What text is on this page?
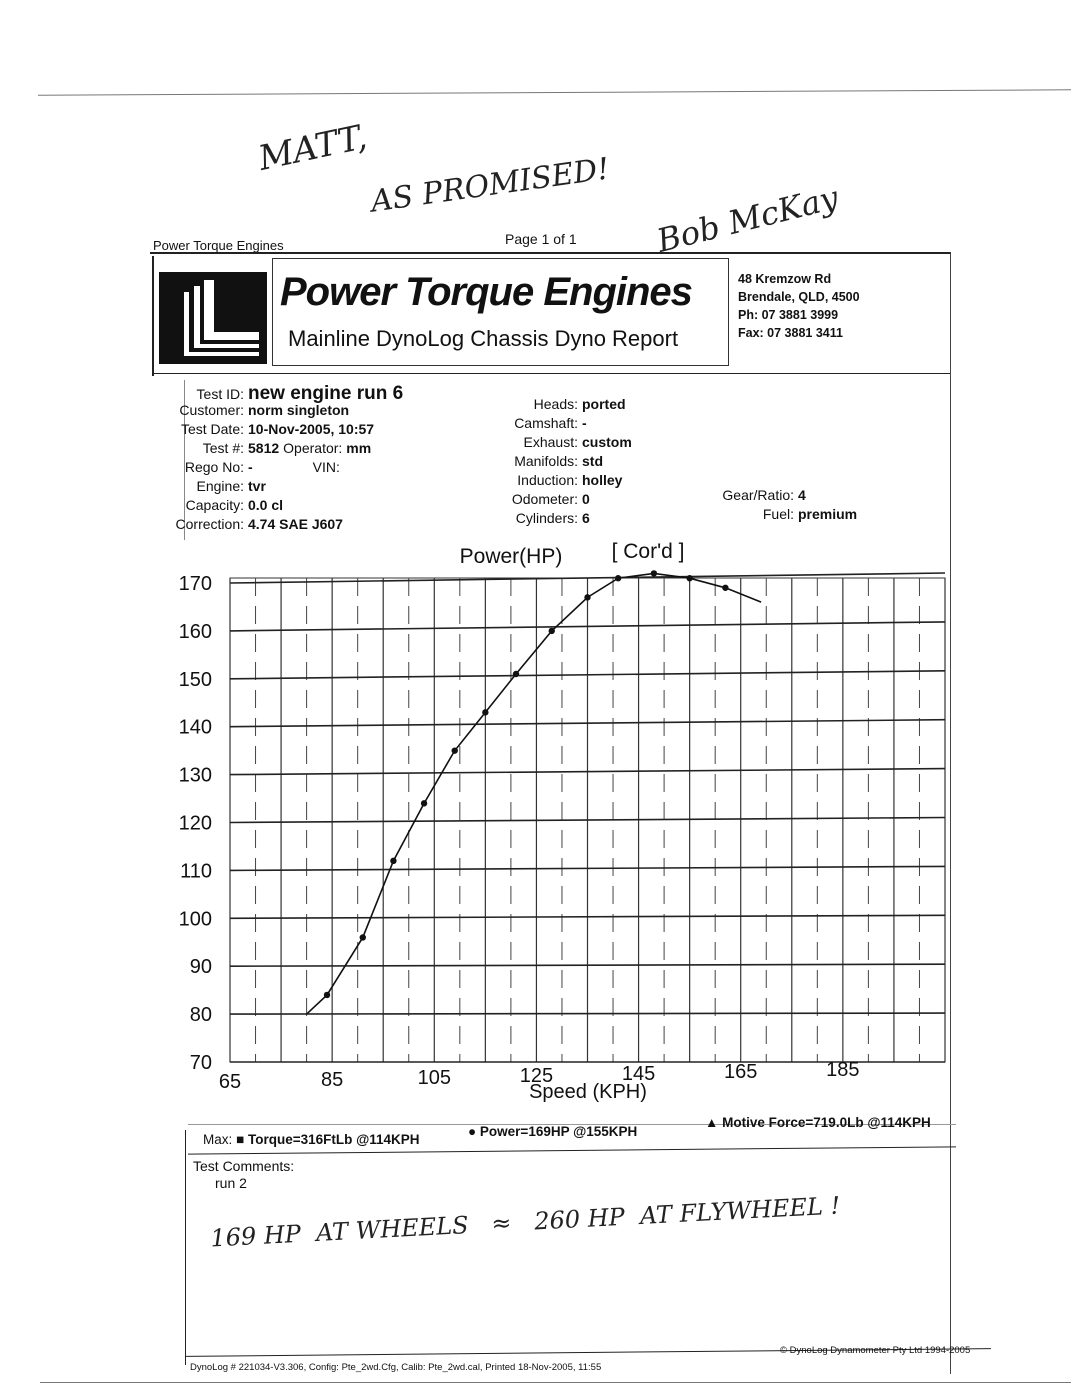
MATT,
AS PROMISED! Bob McKay
Power Torque Engines	Page 1 of 1
Power Torque Engines
Mainline DynoLog Chassis Dyno Report
48 Kremzow Rd
Brendale, QLD, 4500
Ph: 07 3881 3999
Fax: 07 3881 3411
Test ID: new engine run 6
Customer: norm singleton
Test Date: 10-Nov-2005, 10:57
Test #: 5812 Operator: mm
Rego No: -	VIN:
Engine: tvr
Capacity: 0.0 cl
Correction: 4.74 SAE J607
Heads: ported
Camshaft: -
Exhaust: custom
Manifolds: std
Induction: holley
Odometer: 0
Cylinders: 6
Gear/Ratio: 4
Fuel: premium
70
80
90
100
110
120
130
140
150
160
170
65	85	105	125	145	165	185
Power(HP) [ Cor'd ]
Speed (KPH)
Max: ■ Torque=316FtLb @114KPH
● Power=169HP @155KPH
▲ Motive Force=719.0Lb @114KPH
Test Comments:
run 2
169 HP  AT WHEELS   ≈   260 HP  AT FLYWHEEL !
DynoLog # 221034-V3.306, Config: Pte_2wd.Cfg, Calib: Pte_2wd.cal, Printed 18-Nov-2005, 11:55
© DynoLog Dynamometer Pty Ltd 1994-2005
